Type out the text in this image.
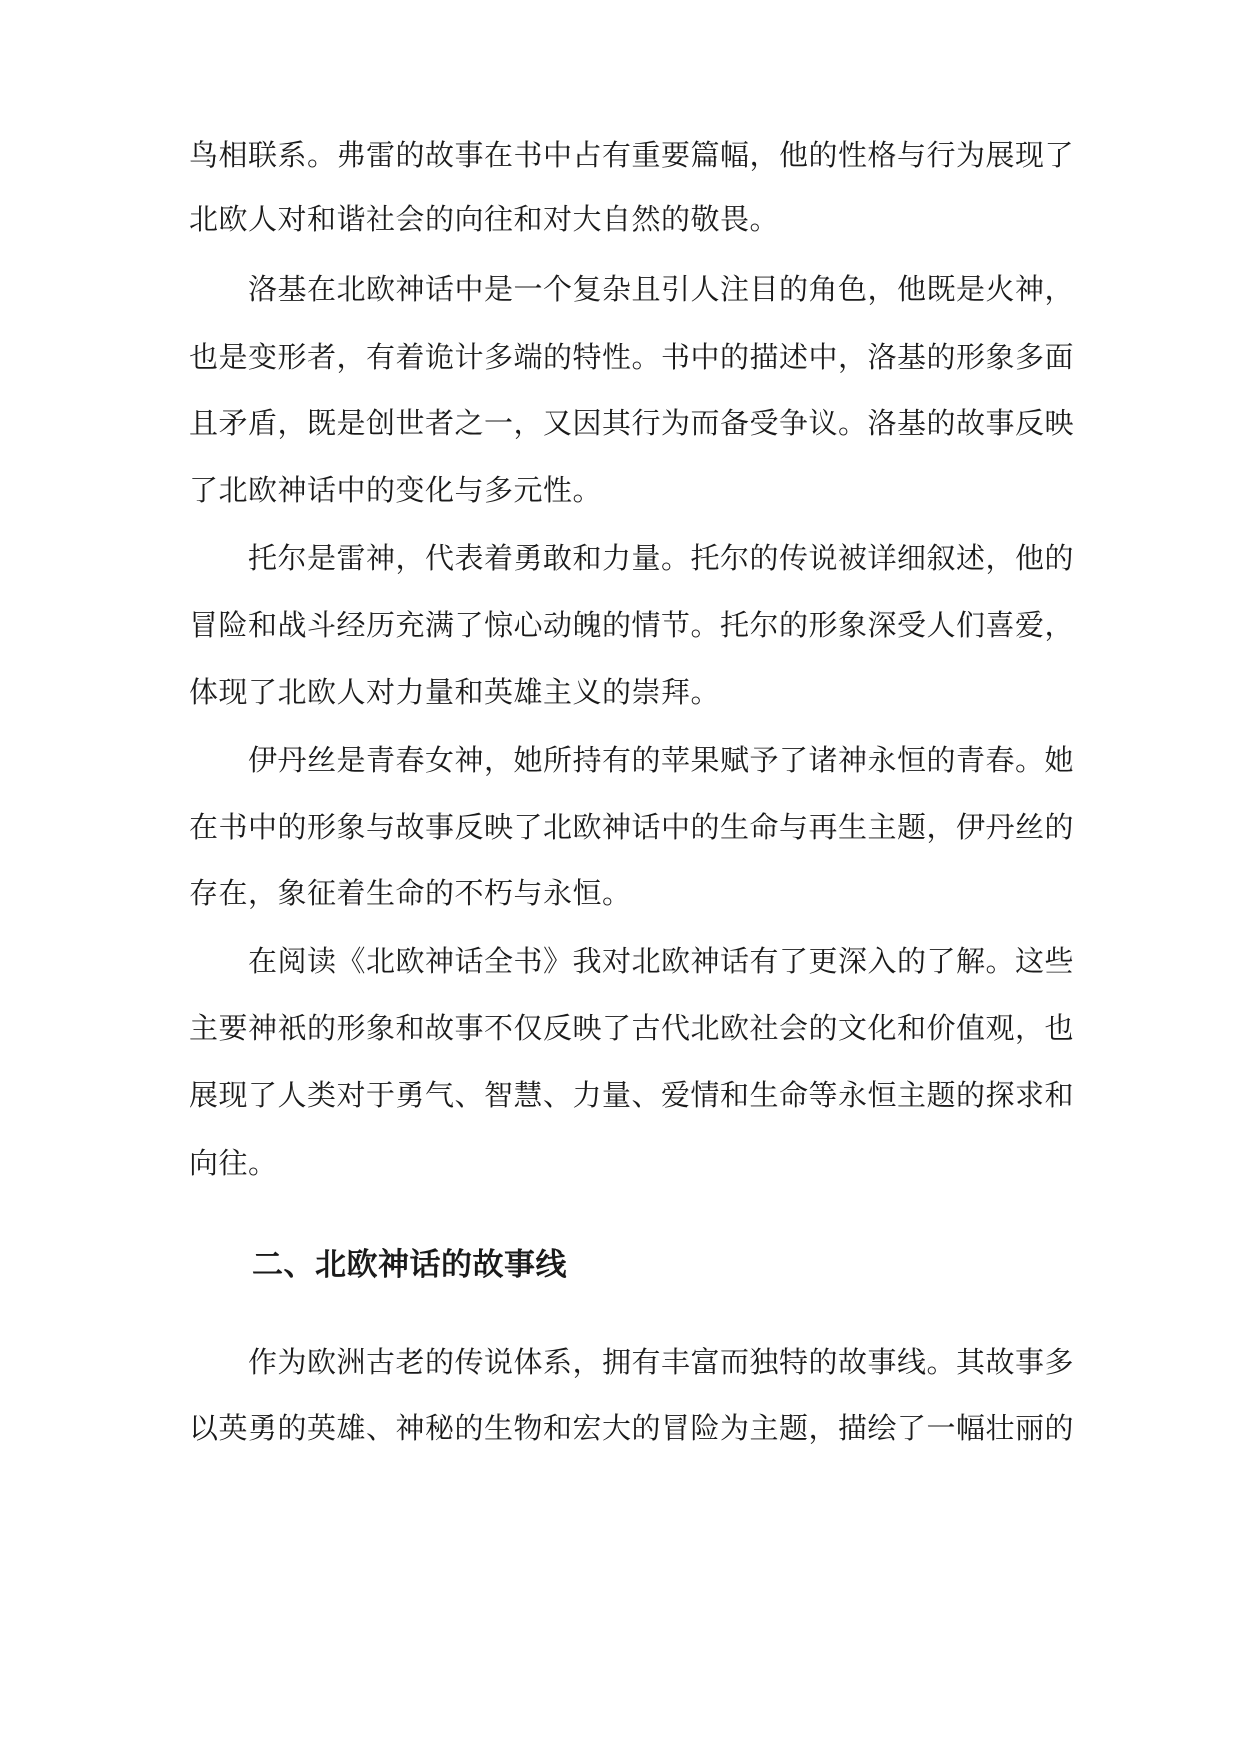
鸟相联系。弗雷的故事在书中占有重要篇幅，他的性格与行为展现了
北欧人对和谐社会的向往和对大自然的敬畏。
洛基在北欧神话中是一个复杂且引人注目的角色，他既是火神，
也是变形者，有着诡计多端的特性。书中的描述中，洛基的形象多面
且矛盾，既是创世者之一，又因其行为而备受争议。洛基的故事反映
了北欧神话中的变化与多元性。
托尔是雷神，代表着勇敢和力量。托尔的传说被详细叙述，他的
冒险和战斗经历充满了惊心动魄的情节。托尔的形象深受人们喜爱，
体现了北欧人对力量和英雄主义的崇拜。
伊丹丝是青春女神，她所持有的苹果赋予了诸神永恒的青春。她
在书中的形象与故事反映了北欧神话中的生命与再生主题，伊丹丝的
存在，象征着生命的不朽与永恒。
在阅读《北欧神话全书》我对北欧神话有了更深入的了解。这些
主要神祇的形象和故事不仅反映了古代北欧社会的文化和价值观，也
展现了人类对于勇气、智慧、力量、爱情和生命等永恒主题的探求和
向往。
二、北欧神话的故事线
作为欧洲古老的传说体系，拥有丰富而独特的故事线。其故事多
以英勇的英雄、神秘的生物和宏大的冒险为主题，描绘了一幅壮丽的
